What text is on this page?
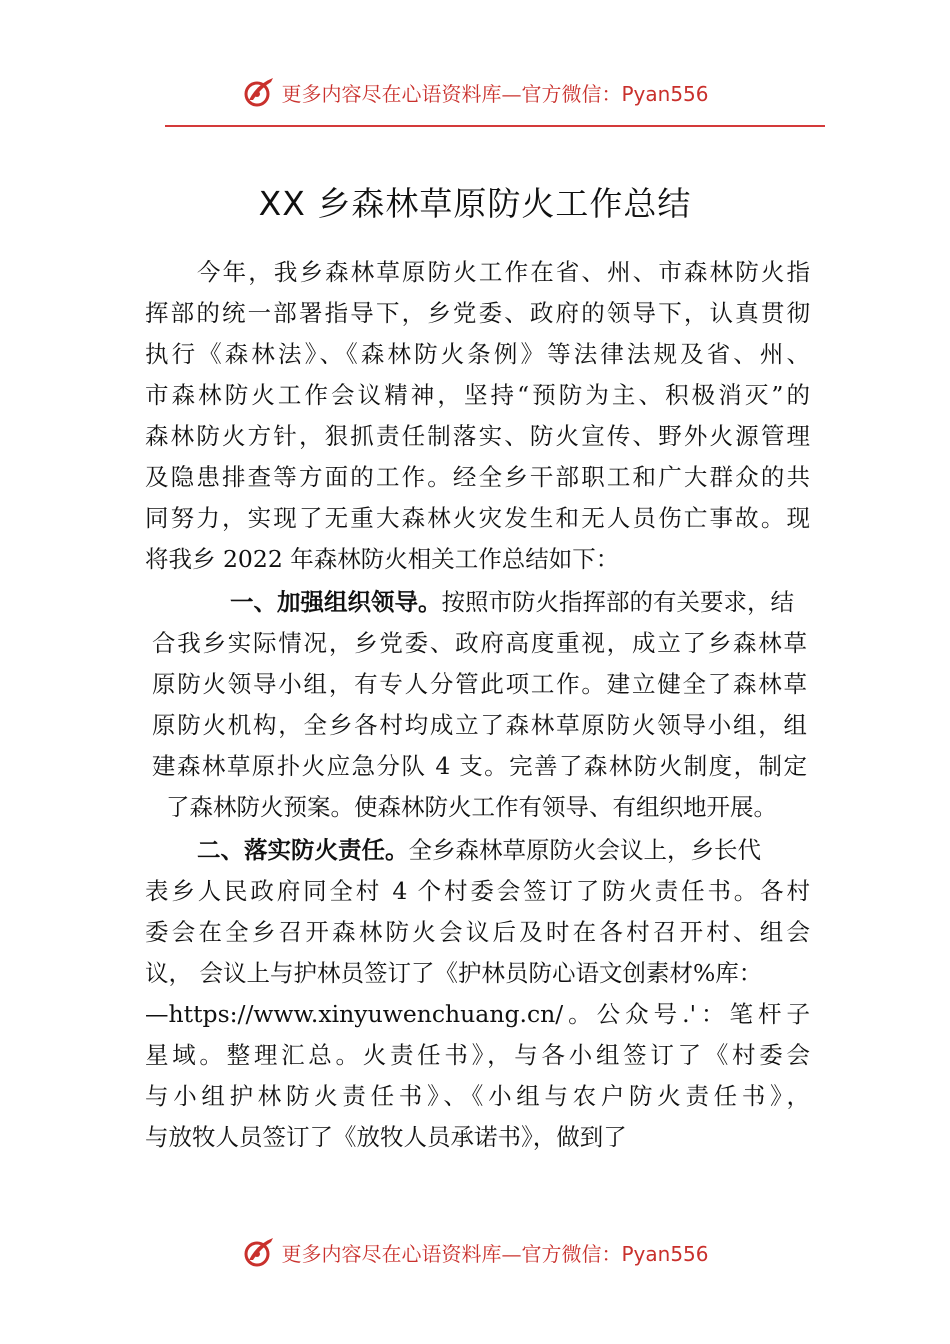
更多内容尽在心语资料库—官方微信：Pyan556
XX 乡森林草原防火工作总结
今年，我乡森林草原防火工作在省、州、市森林防火指
挥部的统一部署指导下，乡党委、政府的领导下，认真贯彻
执行《森林法》、《森林防火条例》等法律法规及省、州、
市森林防火工作会议精神，坚持“预防为主、积极消灭”的
森林防火方针，狠抓责任制落实、防火宣传、野外火源管理
及隐患排查等方面的工作。经全乡干部职工和广大群众的共
同努力，实现了无重大森林火灾发生和无人员伤亡事故。现
将我乡 2022 年森林防火相关工作总结如下：
一、加强组织领导。按照市防火指挥部的有关要求，结
合我乡实际情况，乡党委、政府高度重视，成立了乡森林草
原防火领导小组，有专人分管此项工作。建立健全了森林草
原防火机构，全乡各村均成立了森林草原防火领导小组，组
建森林草原扑火应急分队 4 支。完善了森林防火制度，制定
了森林防火预案。使森林防火工作有领导、有组织地开展。
二、落实防火责任。全乡森林草原防火会议上，乡长代
表乡人民政府同全村 4 个村委会签订了防火责任书。各村
委会在全乡召开森林防火会议后及时在各村召开村、组会
议， 会议上与护林员签订了《护林员防心语文创素材%库：
—https://www.xinyuwenchuang.cn/。公众号.'：笔杆子
星域。整理汇总。火责任书》，与各小组签订了《村委会
与小组护林防火责任书》、《小组与农户防火责任书》，
与放牧人员签订了《放牧人员承诺书》，做到了
更多内容尽在心语资料库—官方微信：Pyan556
